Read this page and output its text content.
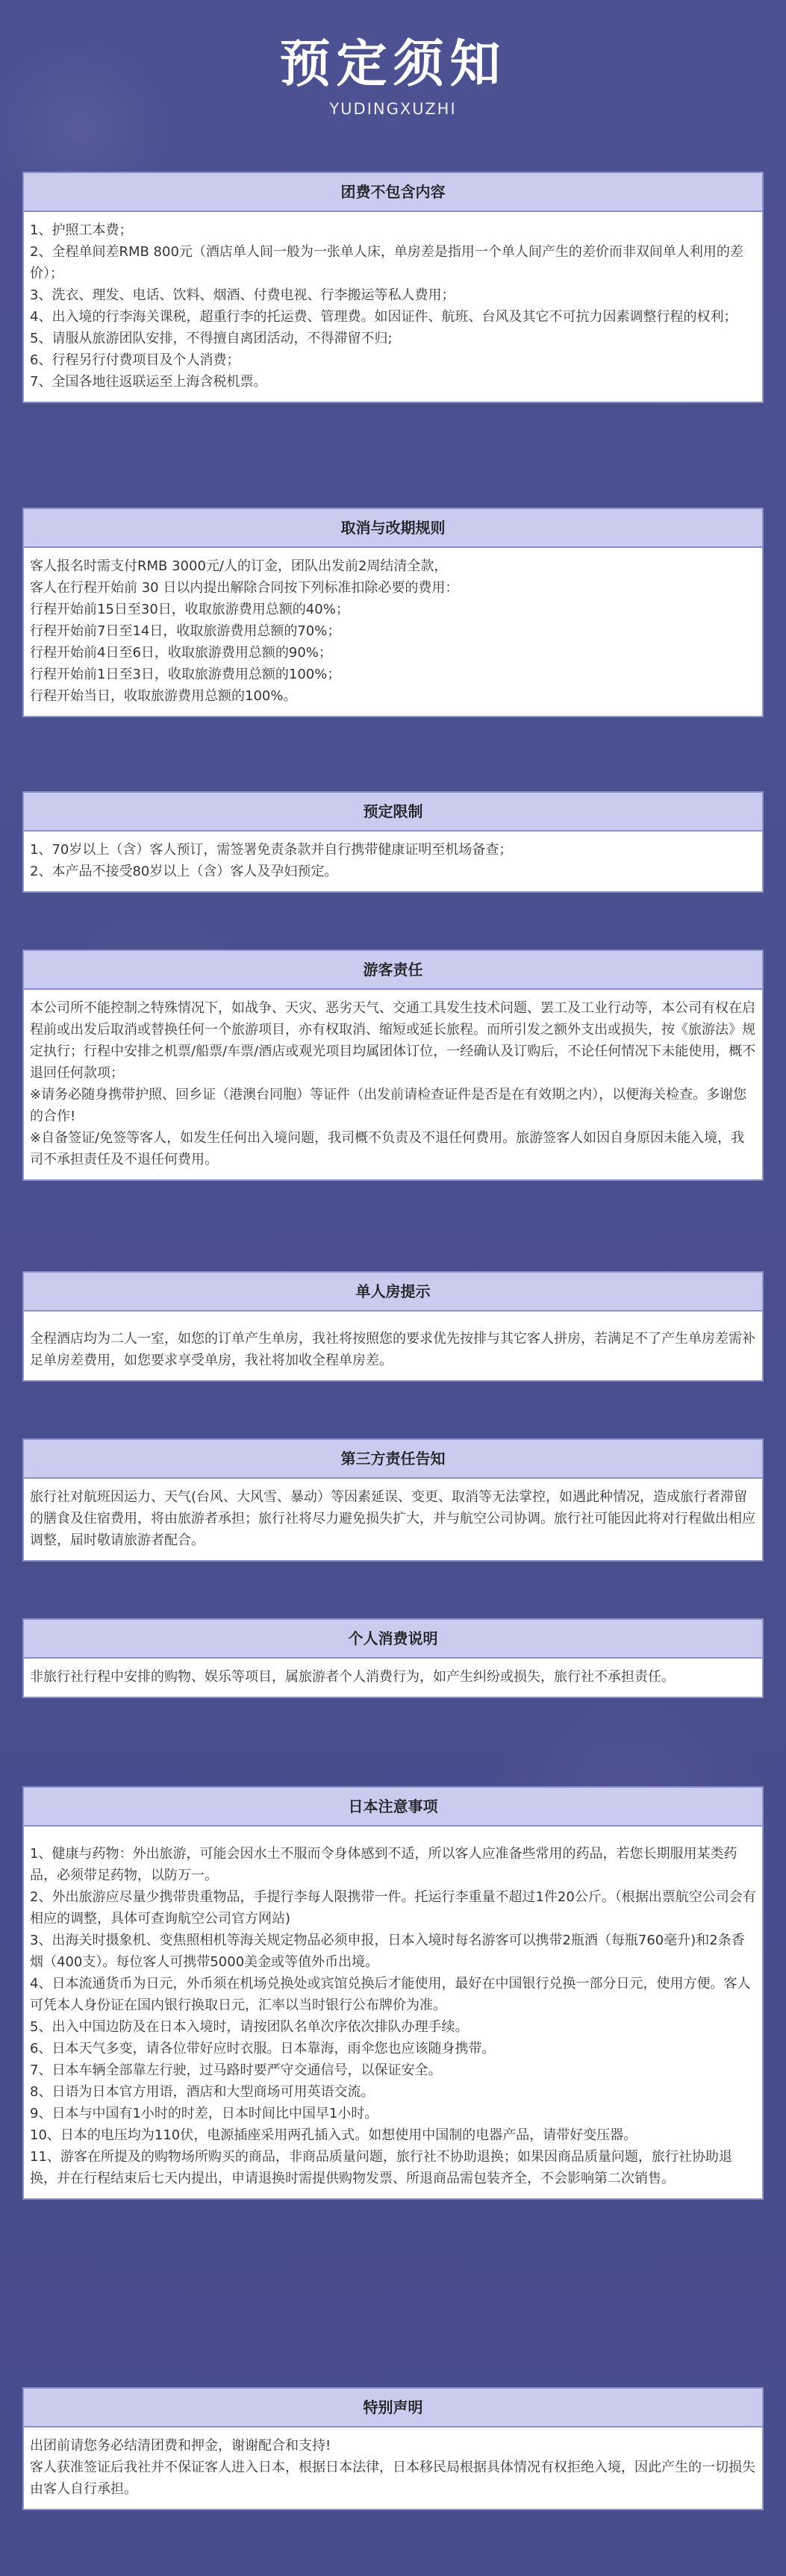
预定须知
YUDINGXUZHI
团费不包含内容

1、护照工本费；

2、全程单间差RMB 800元（酒店单人间一般为一张单人床，单房差是指用一个单人间产生的差价而非双间单人利用的差价）；

3、洗衣、理发、电话、饮料、烟酒、付费电视、行李搬运等私人费用；

4、出入境的行李海关课税，超重行李的托运费、管理费。如因证件、航班、台风及其它不可抗力因素调整行程的权利；

5、请服从旅游团队安排，不得擅自离团活动，不得滞留不归;

6、行程另行付费项目及个人消费；

7、全国各地往返联运至上海含税机票。

取消与改期规则

客人报名时需支付RMB 3000元/人的订金，团队出发前2周结清全款，

客人在行程开始前 30 日以内提出解除合同按下列标准扣除必要的费用：

行程开始前15日至30日，收取旅游费用总额的40%；

行程开始前7日至14日，收取旅游费用总额的70%；

行程开始前4日至6日，收取旅游费用总额的90%；

行程开始前1日至3日，收取旅游费用总额的100%；

行程开始当日，收取旅游费用总额的100%。

预定限制

1、70岁以上（含）客人预订，需签署免责条款并自行携带健康证明至机场备查；

2、本产品不接受80岁以上（含）客人及孕妇预定。

游客责任

本公司所不能控制之特殊情况下，如战争、天灾、恶劣天气、交通工具发生技术问题、罢工及工业行动等，本公司有权在启程前或出发后取消或替换任何一个旅游项目，亦有权取消、缩短或延长旅程。而所引发之额外支出或损失，按《旅游法》规定执行；行程中安排之机票/船票/车票/酒店或观光项目均属团体订位，一经确认及订购后，不论任何情况下未能使用，概不退回任何款项；

※请务必随身携带护照、回乡证（港澳台同胞）等证件（出发前请检查证件是否是在有效期之内），以便海关检查。多谢您的合作!

※自备签证/免签等客人，如发生任何出入境问题，我司概不负责及不退任何费用。旅游签客人如因自身原因未能入境，我司不承担责任及不退任何费用。

单人房提示

全程酒店均为二人一室，如您的订单产生单房，我社将按照您的要求优先按排与其它客人拼房，若满足不了产生单房差需补足单房差费用，如您要求享受单房，我社将加收全程单房差。

第三方责任告知

旅行社对航班因运力、天气(台风、大风雪、暴动）等因素延误、变更、取消等无法掌控，如遇此种情况，造成旅行者滞留的膳食及住宿费用，将由旅游者承担；旅行社将尽力避免损失扩大，并与航空公司协调。旅行社可能因此将对行程做出相应调整，届时敬请旅游者配合。

个人消费说明

非旅行社行程中安排的购物、娱乐等项目，属旅游者个人消费行为，如产生纠纷或损失，旅行社不承担责任。

日本注意事项

1、健康与药物：外出旅游，可能会因水土不服而令身体感到不适，所以客人应准备些常用的药品，若您长期服用某类药品，必须带足药物，以防万一。

2、外出旅游应尽量少携带贵重物品，手提行李每人限携带一件。托运行李重量不超过1件20公斤。（根据出票航空公司会有相应的调整，具体可查询航空公司官方网站)

3、出海关时摄象机、变焦照相机等海关规定物品必须申报，日本入境时每名游客可以携带2瓶酒（每瓶760毫升)和2条香烟（400支）。每位客人可携带5000美金或等值外币出境。

4、日本流通货币为日元，外币须在机场兑换处或宾馆兑换后才能使用，最好在中国银行兑换一部分日元，使用方便。客人可凭本人身份证在国内银行换取日元，汇率以当时银行公布牌价为准。

5、出入中国边防及在日本入境时，请按团队名单次序依次排队办理手续。

6、日本天气多变，请各位带好应时衣服。日本靠海，雨伞您也应该随身携带。

7、日本车辆全部靠左行驶，过马路时要严守交通信号，以保证安全。

8、日语为日本官方用语，酒店和大型商场可用英语交流。

9、日本与中国有1小时的时差，日本时间比中国早1小时。

10、日本的电压均为110伏，电源插座采用两孔插入式。如想使用中国制的电器产品，请带好变压器。

11、游客在所提及的购物场所购买的商品，非商品质量问题，旅行社不协助退换；如果因商品质量问题，旅行社协助退换，并在行程结束后七天内提出，申请退换时需提供购物发票、所退商品需包装齐全，不会影响第二次销售。

特别声明

出团前请您务必结清团费和押金，谢谢配合和支持!

客人获准签证后我社并不保证客人进入日本，根据日本法律，日本移民局根据具体情况有权拒绝入境，因此产生的一切损失由客人自行承担。
